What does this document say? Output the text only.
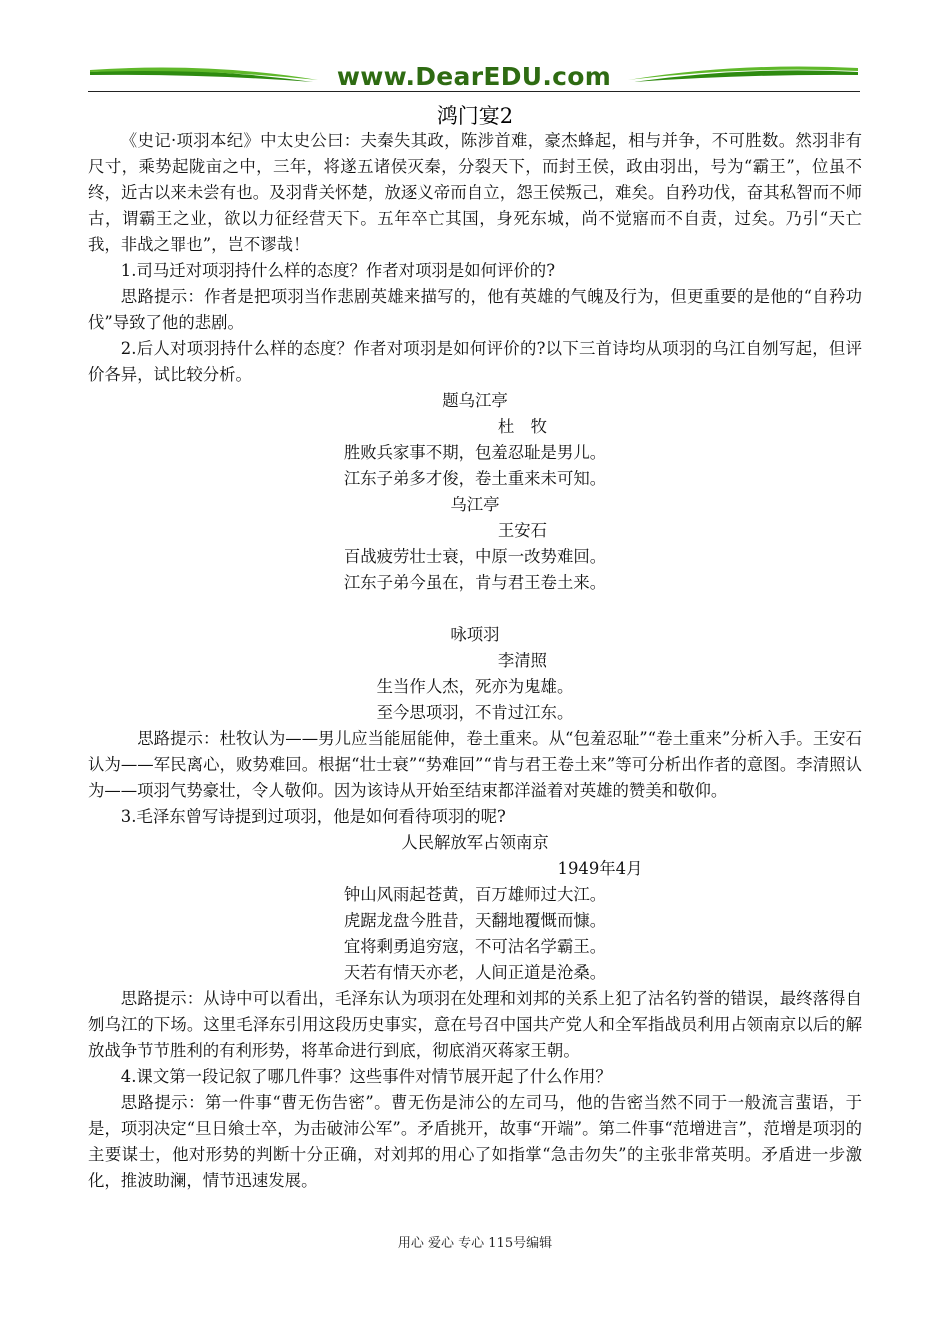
www.DearEDU.com
鸿门宴2

《史记·项羽本纪》中太史公曰：夫秦失其政，陈涉首难，豪杰蜂起，相与并争，不可胜数。然羽非有尺寸，乘势起陇亩之中，三年，将遂五诸侯灭秦，分裂天下，而封王侯，政由羽出，号为“霸王”，位虽不终，近古以来未尝有也。及羽背关怀楚，放逐义帝而自立，怨王侯叛己，难矣。自矜功伐，奋其私智而不师古，谓霸王之业，欲以力征经营天下。五年卒亡其国，身死东城，尚不觉寤而不自责，过矣。乃引“天亡我，非战之罪也”，岂不谬哉！

1.司马迁对项羽持什么样的态度？作者对项羽是如何评价的?

思路提示：作者是把项羽当作悲剧英雄来描写的，他有英雄的气魄及行为，但更重要的是他的“自矜功伐”导致了他的悲剧。

2.后人对项羽持什么样的态度？作者对项羽是如何评价的?以下三首诗均从项羽的乌江自刎写起，但评价各异，试比较分析。

题乌江亭

杜　牧

胜败兵家事不期，包羞忍耻是男儿。

江东子弟多才俊，卷土重来未可知。

乌江亭

王安石

百战疲劳壮士衰，中原一改势难回。

江东子弟今虽在，肯与君王卷土来。

咏项羽

李清照

生当作人杰，死亦为鬼雄。

至今思项羽，不肯过江东。

思路提示：杜牧认为——男儿应当能屈能伸，卷土重来。从“包羞忍耻”“卷土重来”分析入手。王安石认为——军民离心，败势难回。根据“壮士衰”“势难回”“肯与君王卷土来”等可分析出作者的意图。李清照认为——项羽气势豪壮，令人敬仰。因为该诗从开始至结束都洋溢着对英雄的赞美和敬仰。

3.毛泽东曾写诗提到过项羽，他是如何看待项羽的呢?

人民解放军占领南京

1949年4月

钟山风雨起苍黄，百万雄师过大江。

虎踞龙盘今胜昔，天翻地覆慨而慷。

宜将剩勇追穷寇，不可沽名学霸王。

天若有情天亦老，人间正道是沧桑。

思路提示：从诗中可以看出，毛泽东认为项羽在处理和刘邦的关系上犯了沽名钓誉的错误，最终落得自刎乌江的下场。这里毛泽东引用这段历史事实，意在号召中国共产党人和全军指战员利用占领南京以后的解放战争节节胜利的有利形势，将革命进行到底，彻底消灭蒋家王朝。

4.课文第一段记叙了哪几件事？这些事件对情节展开起了什么作用？

思路提示：第一件事“曹无伤告密”。曹无伤是沛公的左司马，他的告密当然不同于一般流言蜚语，于是，项羽决定“旦日飨士卒，为击破沛公军”。矛盾挑开，故事“开端”。第二件事“范增进言”，范增是项羽的主要谋士，他对形势的判断十分正确，对刘邦的用心了如指掌“急击勿失”的主张非常英明。矛盾进一步激化，推波助澜，情节迅速发展。

用心 爱心 专心 115号编辑
